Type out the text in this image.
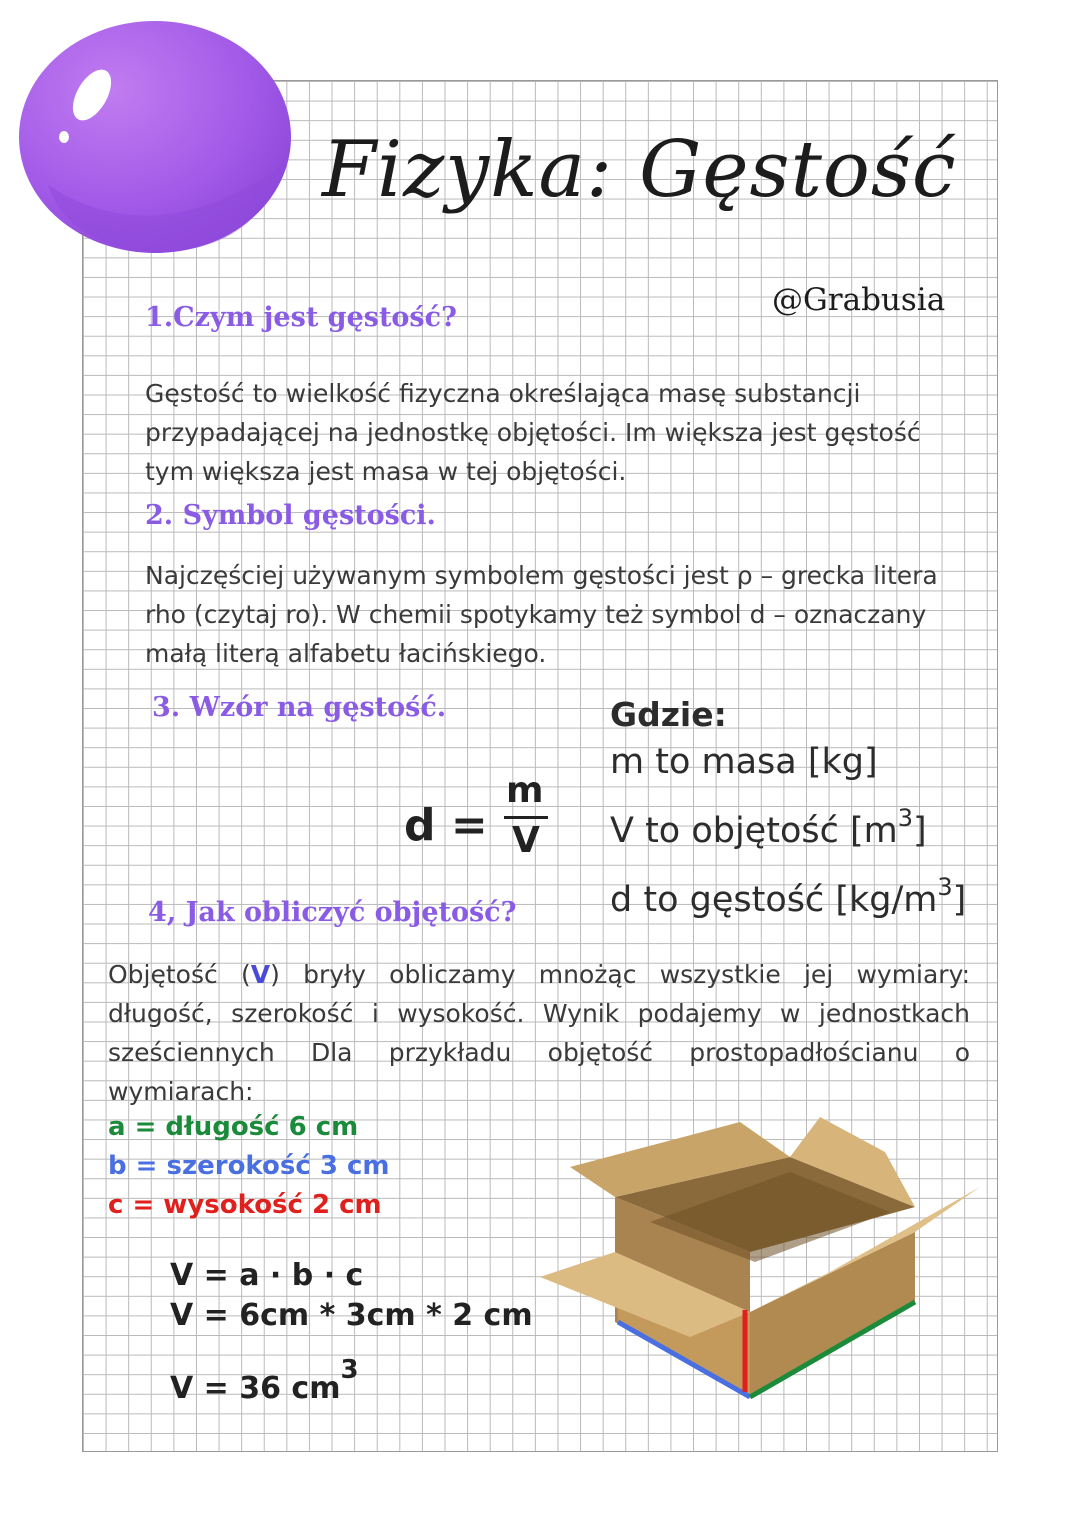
Fizyka: Gęstość
@Grabusia
1.Czym jest gęstość?
Gęstość to wielkość fizyczna określająca masę substancji
przypadającej na jednostkę objętości. Im większa jest gęstość
tym większa jest masa w tej objętości.
2. Symbol gęstości.
Najczęściej używanym symbolem gęstości jest ρ – grecka litera
rho (czytaj ro). W chemii spotykamy też symbol d – oznaczany
małą literą alfabetu łacińskiego.
3. Wzór na gęstość.
d =
m
V
Gdzie:
m to masa [kg]
V to objętość $[m^3]$
d to gęstość $[kg/m^3]$
4, Jak obliczyć objętość?
Objętość (V) bryły obliczamy mnożąc wszystkie jej wymiary: długość, szerokość i wysokość. Wynik podajemy w jednostkach sześciennych Dla przykładu objętość prostopadłościanu o wymiarach:
a = długość 6 cm
b = szerokość 3 cm
c = wysokość 2 cm
V = a · b · c
V = 6cm * 3cm * 2 cm
V = 36 $cm^3$
